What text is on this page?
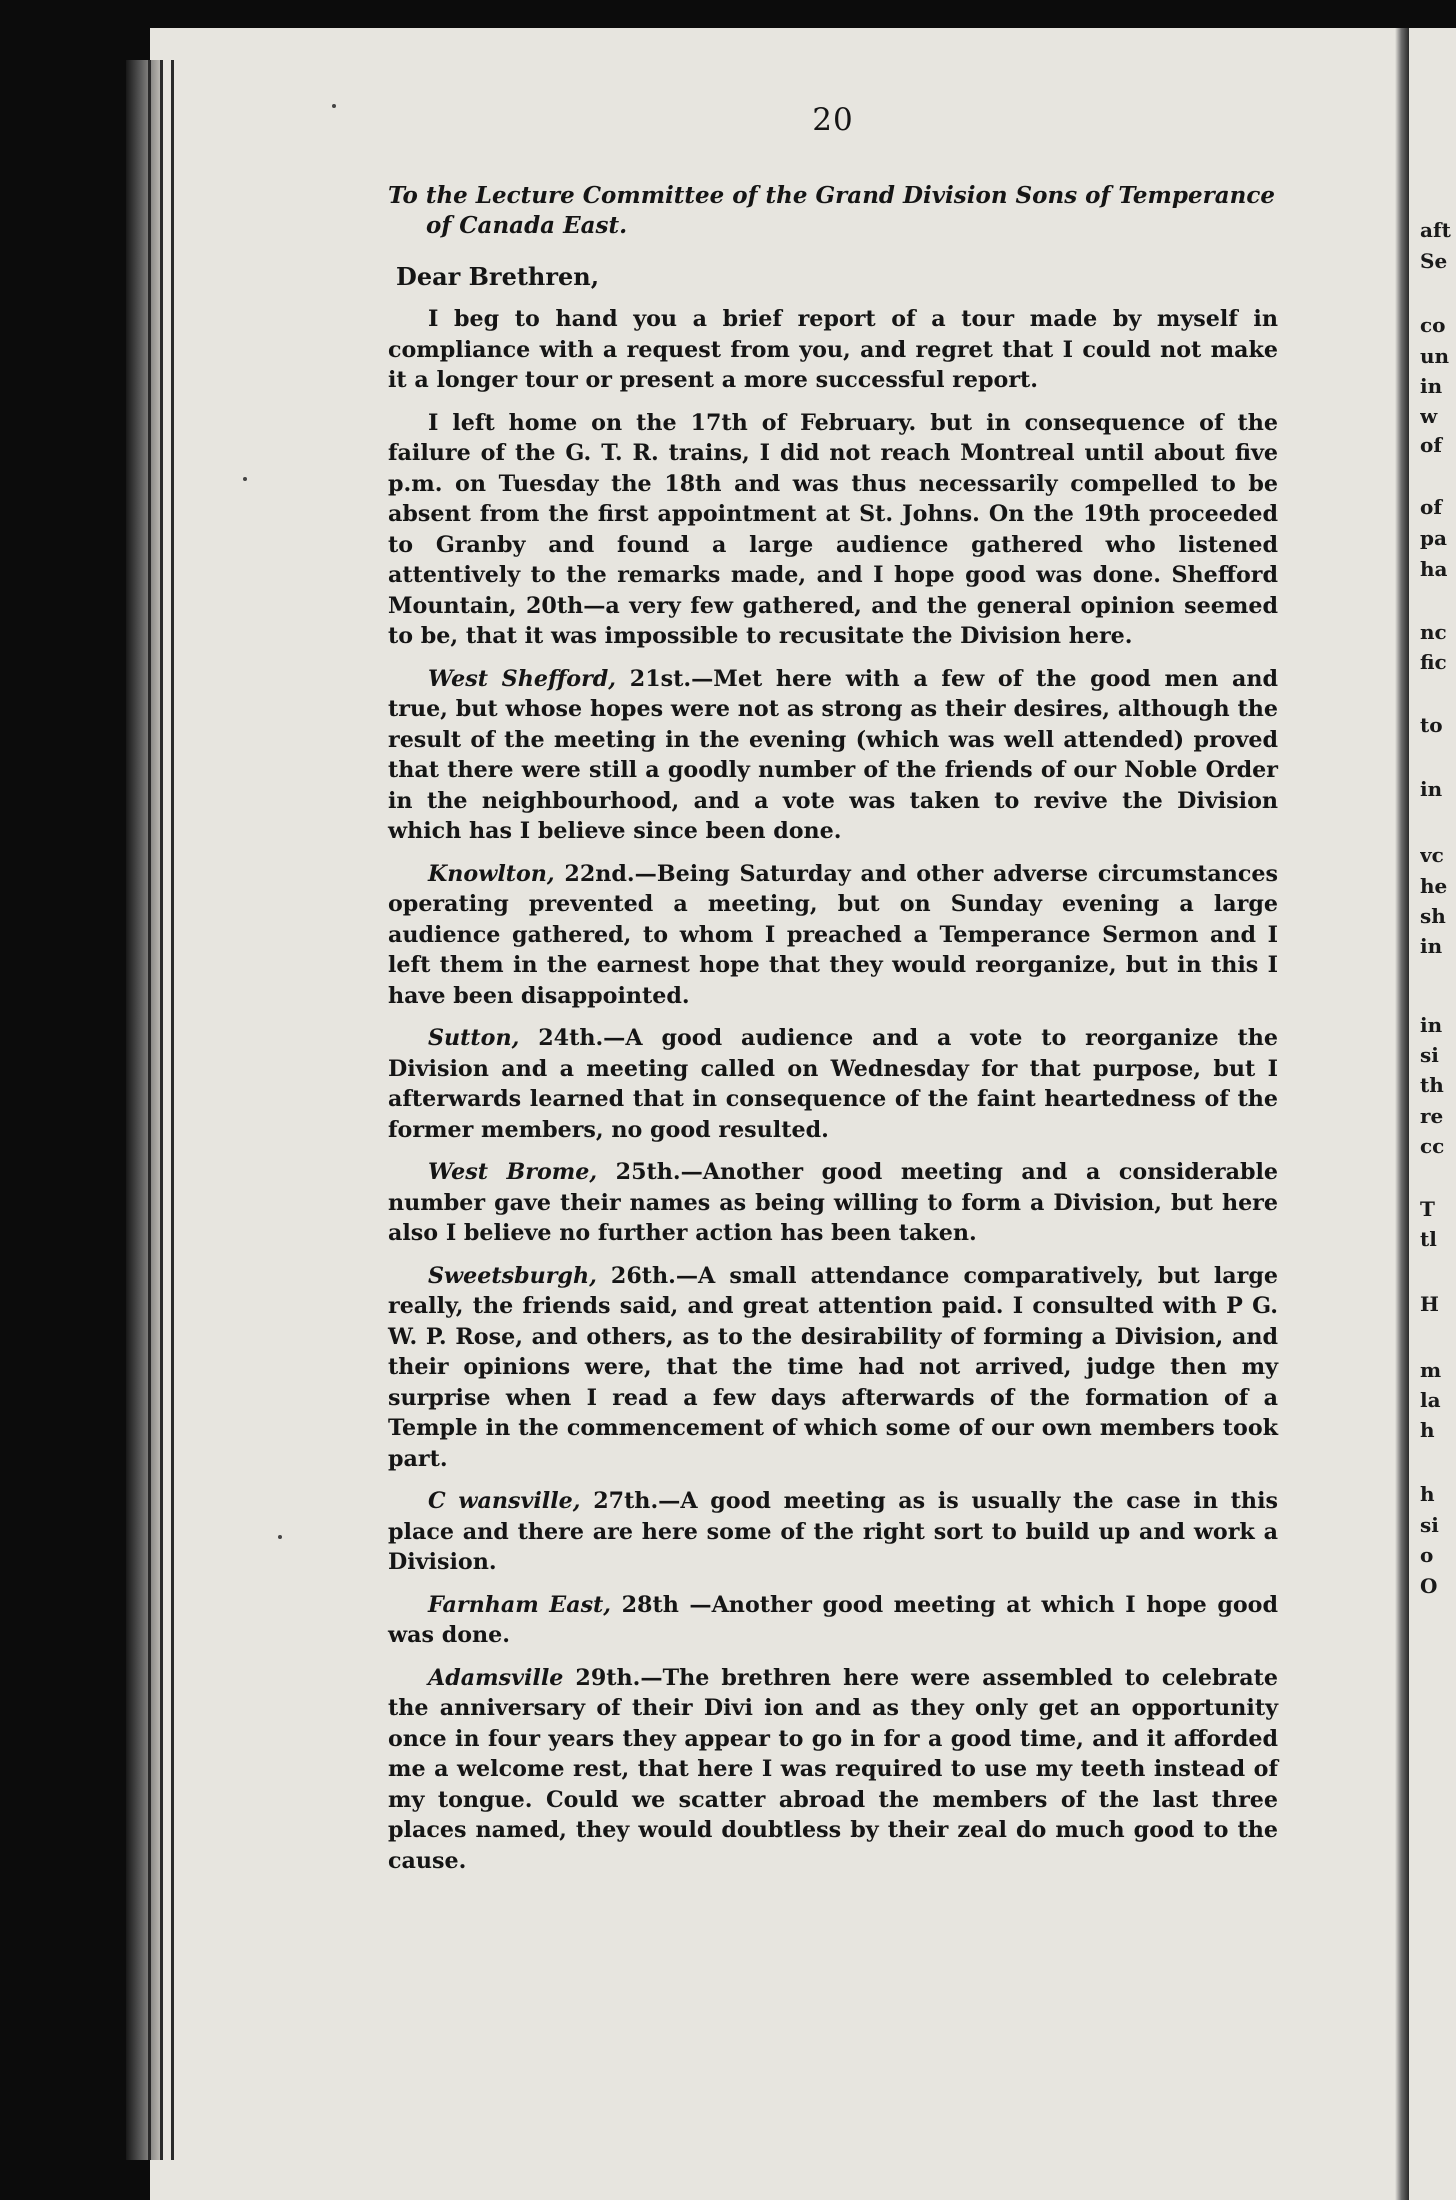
20
To the Lecture Committee of the Grand Division Sons of Temperance of Canada East.
Dear Brethren,

I beg to hand you a brief report of a tour made by myself in compliance with a request from you, and regret that I could not make it a longer tour or present a more successful report.

I left home on the 17th of February. but in consequence of the failure of the G. T. R. trains, I did not reach Montreal until about five p.m. on Tuesday the 18th and was thus necessarily compelled to be absent from the first appointment at St. Johns. On the 19th proceeded to Granby and found a large audience gathered who listened attentively to the remarks made, and I hope good was done. Shefford Mountain, 20th—a very few gathered, and the general opinion seemed to be, that it was impossible to recusitate the Division here.

West Shefford, 21st.—Met here with a few of the good men and true, but whose hopes were not as strong as their desires, although the result of the meeting in the evening (which was well attended) proved that there were still a goodly number of the friends of our Noble Order in the neighbourhood, and a vote was taken to revive the Division which has I believe since been done.

Knowlton, 22nd.—Being Saturday and other adverse circumstances operating prevented a meeting, but on Sunday evening a large audience gathered, to whom I preached a Temperance Sermon and I left them in the earnest hope that they would reorganize, but in this I have been disappointed.

Sutton, 24th.—A good audience and a vote to reorganize the Division and a meeting called on Wednesday for that purpose, but I afterwards learned that in consequence of the faint heartedness of the former members, no good resulted.

West Brome, 25th.—Another good meeting and a considerable number gave their names as being willing to form a Division, but here also I believe no further action has been taken.

Sweetsburgh, 26th.—A small attendance comparatively, but large really, the friends said, and great attention paid. I consulted with P G. W. P. Rose, and others, as to the desirability of forming a Division, and their opinions were, that the time had not arrived, judge then my surprise when I read a few days afterwards of the formation of a Temple in the commencement of which some of our own members took part.

C wansville, 27th.—A good meeting as is usually the case in this place and there are here some of the right sort to build up and work a Division.

Farnham East, 28th —Another good meeting at which I hope good was done.

Adamsville 29th.—The brethren here were assembled to celebrate the anniversary of their Divi ion and as they only get an opportunity once in four years they appear to go in for a good time, and it afforded me a welcome rest, that here I was required to use my teeth instead of my tongue. Could we scatter abroad the members of the last three places named, they would doubtless by their zeal do much good to the cause.

aft
Se
co
un
in
w
of
of
pa
ha
nc
fic
to
in
vc
he
sh
in
in
si
th
re
cc
T
tl
H
m
la
h
h
si
o
O
